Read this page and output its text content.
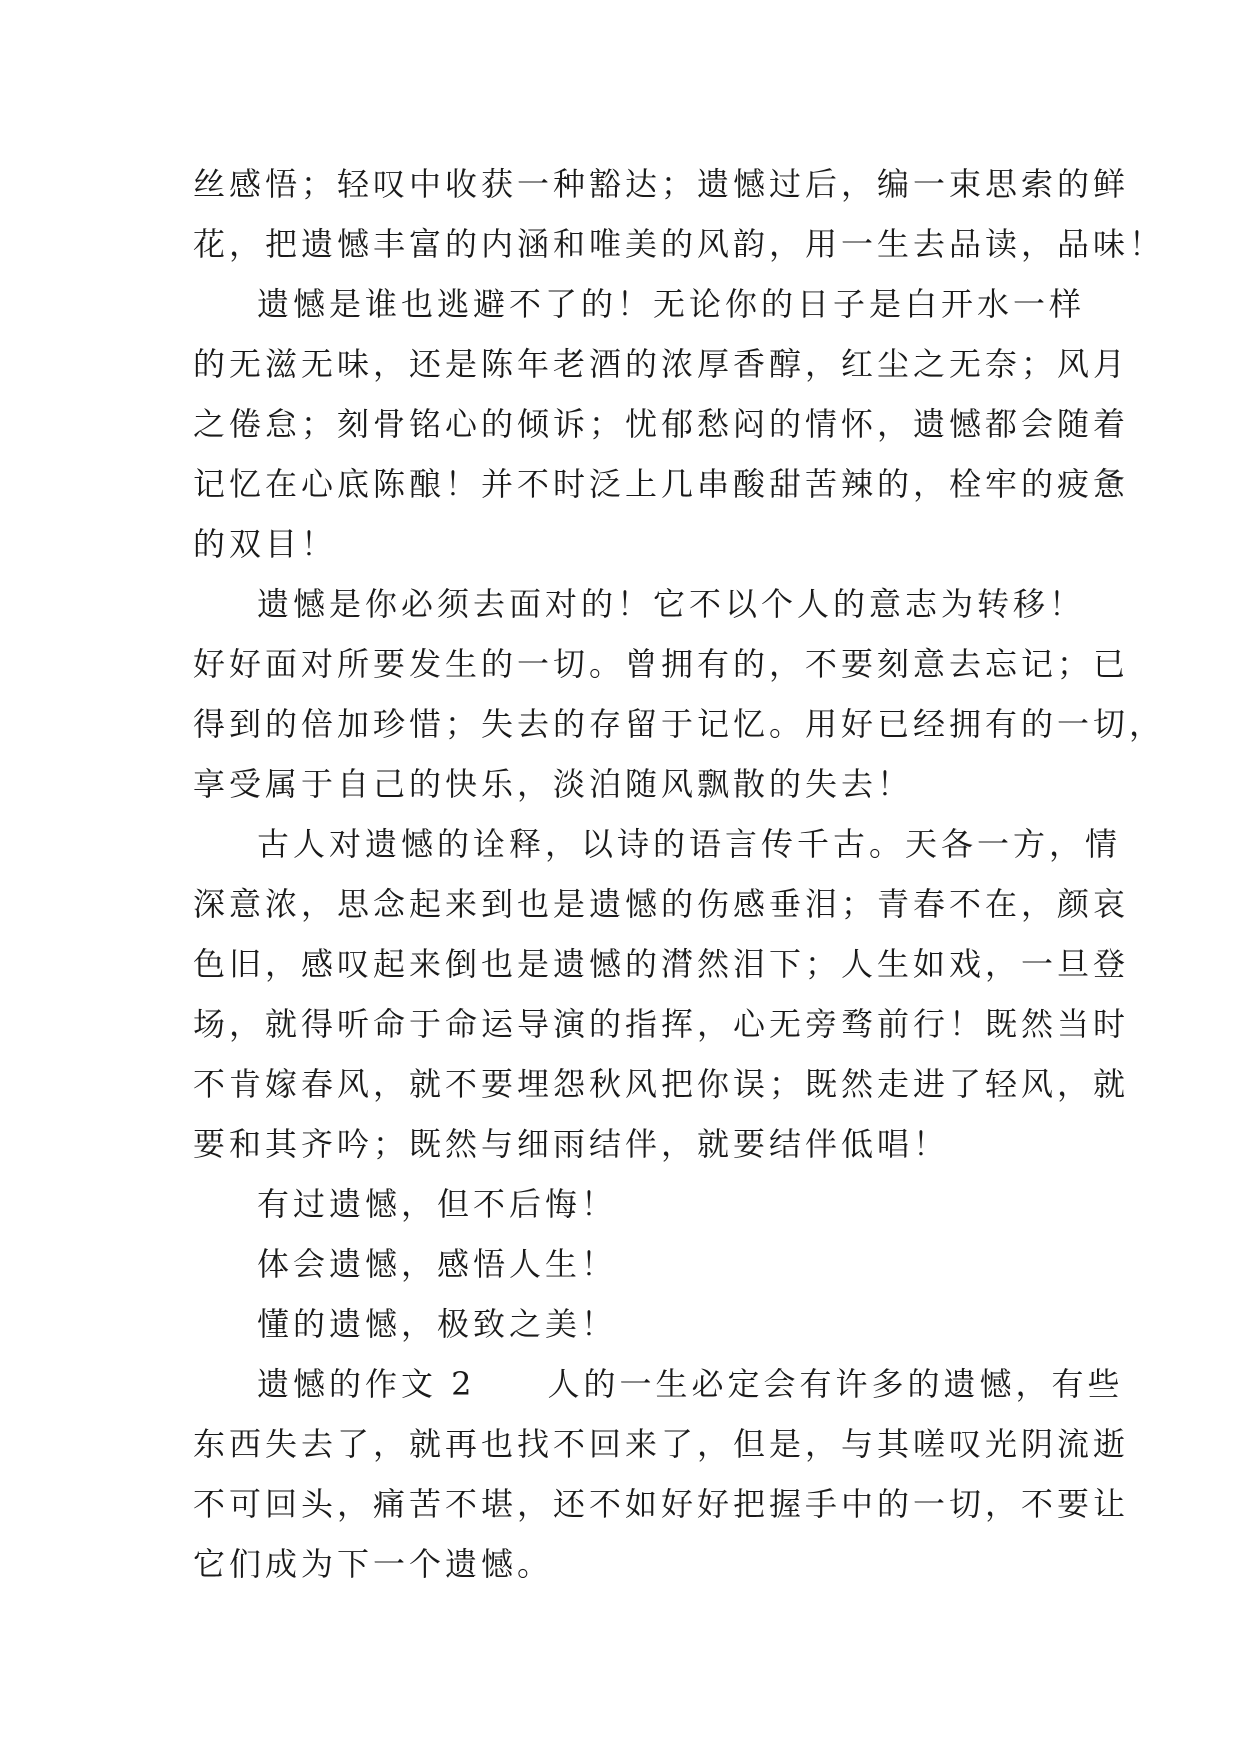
丝感悟；轻叹中收获一种豁达；遗憾过后，编一束思索的鲜
花，把遗憾丰富的内涵和唯美的风韵，用一生去品读，品味！
遗憾是谁也逃避不了的！无论你的日子是白开水一样
的无滋无味，还是陈年老酒的浓厚香醇，红尘之无奈；风月
之倦怠；刻骨铭心的倾诉；忧郁愁闷的情怀，遗憾都会随着
记忆在心底陈酿！并不时泛上几串酸甜苦辣的，栓牢的疲惫
的双目！
遗憾是你必须去面对的！它不以个人的意志为转移！
好好面对所要发生的一切。曾拥有的，不要刻意去忘记；已
得到的倍加珍惜；失去的存留于记忆。用好已经拥有的一切，
享受属于自己的快乐，淡泊随风飘散的失去！
古人对遗憾的诠释，以诗的语言传千古。天各一方，情
深意浓，思念起来到也是遗憾的伤感垂泪；青春不在，颜哀
色旧，感叹起来倒也是遗憾的潸然泪下；人生如戏，一旦登
场，就得听命于命运导演的指挥，心无旁骛前行！既然当时
不肯嫁春风，就不要埋怨秋风把你误；既然走进了轻风，就
要和其齐吟；既然与细雨结伴，就要结伴低唱！
有过遗憾，但不后悔！
体会遗憾，感悟人生！
懂的遗憾，极致之美！
遗憾的作文 2 人的一生必定会有许多的遗憾，有些
东西失去了，就再也找不回来了，但是，与其嗟叹光阴流逝
不可回头，痛苦不堪，还不如好好把握手中的一切，不要让
它们成为下一个遗憾。
